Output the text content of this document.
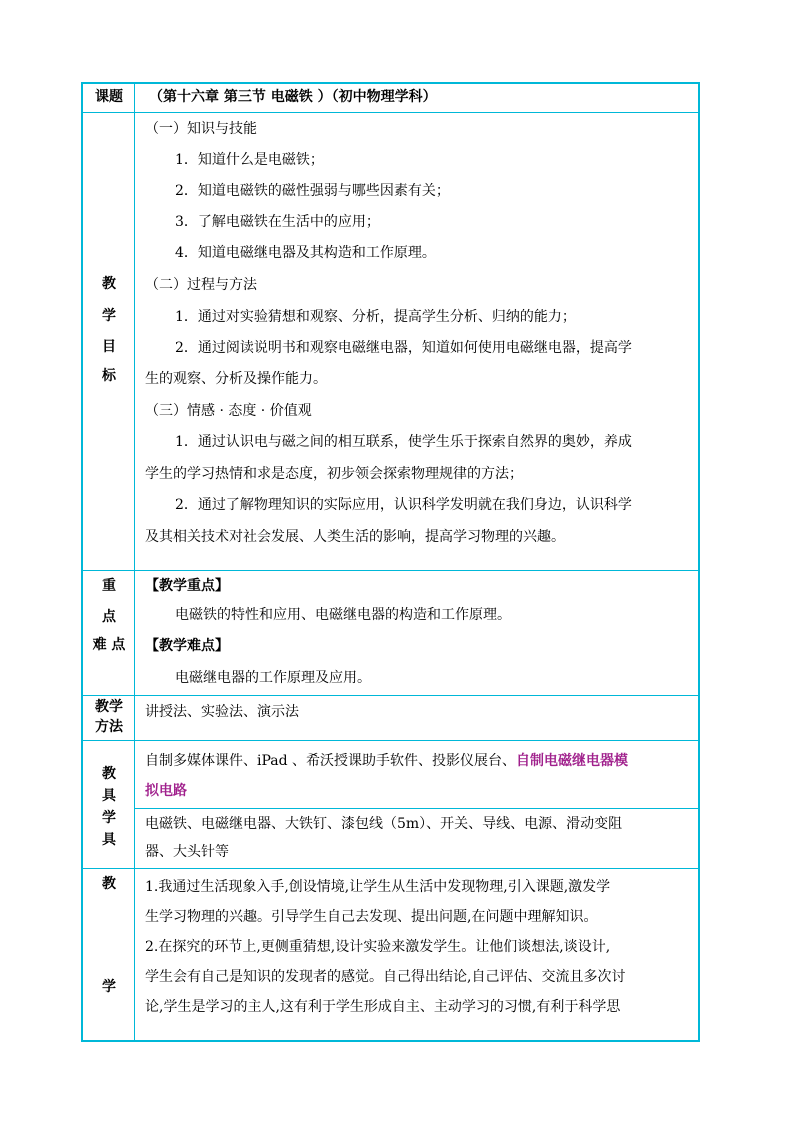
课题	（第十六章 第三节 电磁铁 ）（初中物理学科）
教
学
目
标
（一）知识与技能
1．知道什么是电磁铁；
2．知道电磁铁的磁性强弱与哪些因素有关；
3．了解电磁铁在生活中的应用；
4．知道电磁继电器及其构造和工作原理。
（二）过程与方法
1．通过对实验猜想和观察、分析，提高学生分析、归纳的能力；
2．通过阅读说明书和观察电磁继电器，知道如何使用电磁继电器，提高学
生的观察、分析及操作能力。
（三）情感 · 态度 · 价值观
1．通过认识电与磁之间的相互联系，使学生乐于探索自然界的奥妙，养成
学生的学习热情和求是态度，初步领会探索物理规律的方法；
2．通过了解物理知识的实际应用，认识科学发明就在我们身边，认识科学
及其相关技术对社会发展、人类生活的影响，提高学习物理的兴趣。
重
点
难 点
【教学重点】
电磁铁的特性和应用、电磁继电器的构造和工作原理。
【教学难点】
电磁继电器的工作原理及应用。
教学
方法
讲授法、实验法、演示法
教
具
学
具
自制多媒体课件、iPad 、希沃授课助手软件、投影仪展台、自制电磁继电器模
拟电路
电磁铁、电磁继电器、大铁钉、漆包线（5m）、开关、导线、电源、滑动变阻
器、大头针等
教
学
1.我通过生活现象入手,创设情境,让学生从生活中发现物理,引入课题,激发学
生学习物理的兴趣。引导学生自己去发现、提出问题,在问题中理解知识。
2.在探究的环节上,更侧重猜想,设计实验来激发学生。让他们谈想法,谈设计,
学生会有自己是知识的发现者的感觉。自己得出结论,自己评估、交流且多次讨
论,学生是学习的主人,这有利于学生形成自主、主动学习的习惯,有利于科学思
